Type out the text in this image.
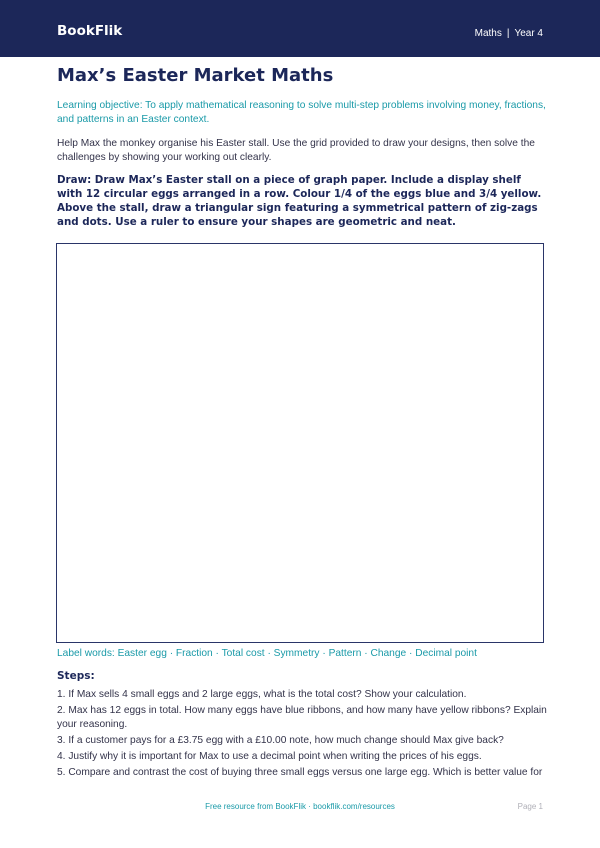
BookFlik	Maths | Year 4
Max’s Easter Market Maths

Learning objective: To apply mathematical reasoning to solve multi-step problems involving money, fractions, and patterns in an Easter context.

Help Max the monkey organise his Easter stall. Use the grid provided to draw your designs, then solve the challenges by showing your working out clearly.

Draw: Draw Max’s Easter stall on a piece of graph paper. Include a display shelf with 12 circular eggs arranged in a row. Colour 1/4 of the eggs blue and 3/4 yellow. Above the stall, draw a triangular sign featuring a symmetrical pattern of zig-zags and dots. Use a ruler to ensure your shapes are geometric and neat.

Label words: Easter egg · Fraction · Total cost · Symmetry · Pattern · Change · Decimal point

Steps:
1. If Max sells 4 small eggs and 2 large eggs, what is the total cost? Show your calculation.
2. Max has 12 eggs in total. How many eggs have blue ribbons, and how many have yellow ribbons? Explain your reasoning.
3. If a customer pays for a £3.75 egg with a £10.00 note, how much change should Max give back?
4. Justify why it is important for Max to use a decimal point when writing the prices of his eggs.
5. Compare and contrast the cost of buying three small eggs versus one large egg. Which is better value for
Free resource from BookFlik · bookflik.com/resources	Page 1
